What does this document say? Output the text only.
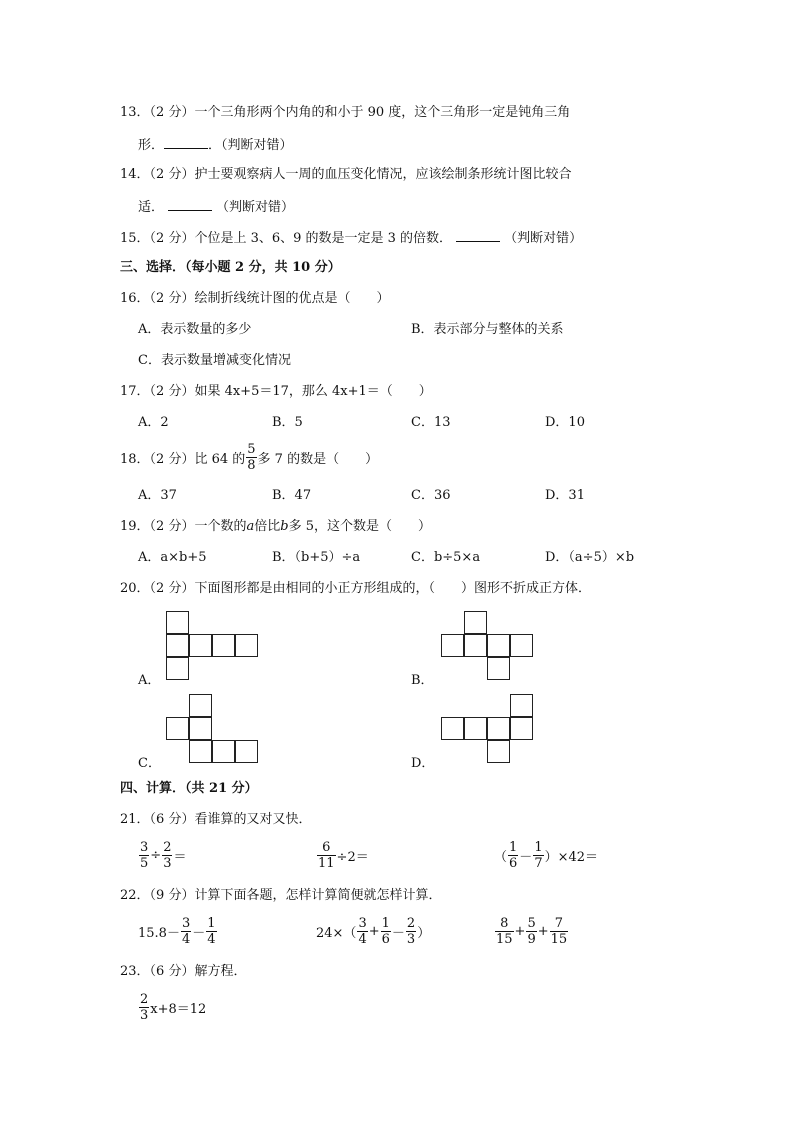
13．（2 分）一个三角形两个内角的和小于 90 度，这个三角形一定是钝角三角
形．	．（判断对错）
14．（2 分）护士要观察病人一周的血压变化情况，应该绘制条形统计图比较合
适．	（判断对错）
15．（2 分）个位是上 3、6、9 的数是一定是 3 的倍数．	（判断对错）
三、选择．（每小题 2 分，共 10 分）
16．（2 分）绘制折线统计图的优点是（　　）
A．表示数量的多少	B．表示部分与整体的关系
C．表示数量增减变化情况
17．（2 分）如果 4x+5＝17，那么 4x+1＝（　　）
A．2	B．5	C．13	D．10
18．（2 分）比 64 的 $\frac{5}{8}$ 多 7 的数是（　　）
A．37	B．47	C．36	D．31
19．（2 分）一个数的a倍比b多 5，这个数是（　　）
A．a×b+5	B．（b+5）÷a	C．b÷5×a	D．（a÷5）×b
20．（2 分）下面图形都是由相同的小正方形组成的，（　　）图形不折成正方体．
A．	B．
C．	D．
四、计算．（共 21 分）
21．（6 分）看谁算的又对又快．
$\frac{3}{5} \div \frac{2}{3}$ ＝	$\frac{6}{11} \div 2=$	（ $\frac{1}{6} - \frac{1}{7} )\times 42=$
22．（9 分）计算下面各题，怎样计算简便就怎样计算．
$15.8- \frac{3}{4} - \frac{1}{4}$	$24\times( \frac{3}{4} + \frac{1}{6} - \frac{2}{3}$ ）	$\frac{8}{15} + \frac{5}{9} + \frac{7}{15}$
23．（6 分）解方程．
$\frac{2}{3} x+8=12$
